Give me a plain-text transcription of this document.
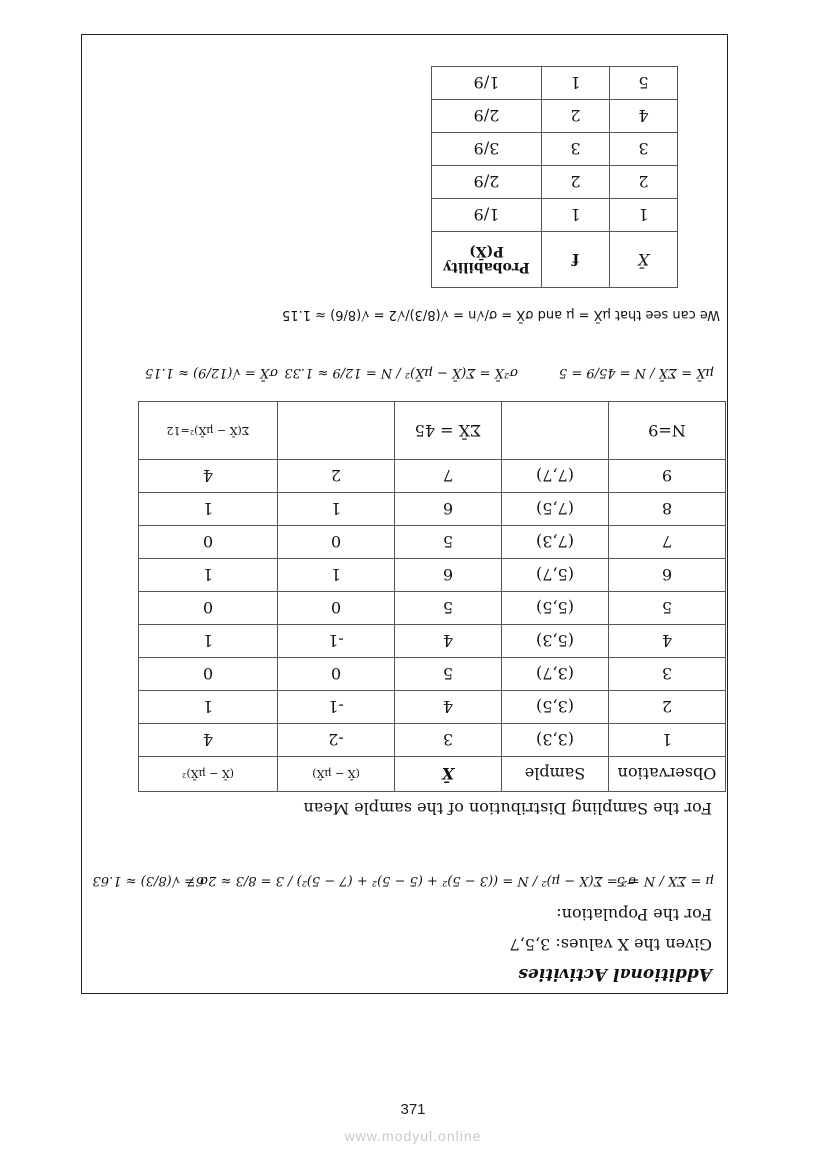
Additional Activities
Given the X values: 3,5,7
For the Population:
μ = ΣX / N = 5
σ² = Σ(X − μ)² / N = ((3 − 5)² + (5 − 5)² + (7 − 5)²) / 3 = 8/3 ≈ 2.67
σ = √(8/3) ≈ 1.63
For the Sampling Distribution of the sample Mean
Observation	Sample	X̄	(X̄ − μX̄)	(X̄ − μX̄)²
1	(3,3)	3	-2	4
2	(3,5)	4	-1	1
3	(3,7)	5	0	0
4	(5,3)	4	-1	1
5	(5,5)	5	0	0
6	(5,7)	6	1	1
7	(7,3)	5	0	0
8	(7,5)	6	1	1
9	(7,7)	7	2	4
N=9		ΣX̄ = 45		Σ(X̄ − μX̄)²=12
μX̄ = ΣX̄ / N = 45/9 = 5
σ²X̄ = Σ(X̄ − μX̄)² / N = 12/9 ≈ 1.33
σX̄ = √(12/9) ≈ 1.15
We can see that μX̄ = μ and σX̄ = σ/√n = √(8/3)/√2 = √(8/6) ≈ 1.15
X̄	f	Probability P(X̄)
1	1	1/9
2	2	2/9
3	3	3/9
4	2	2/9
5	1	1/9
371
www.modyul.online
